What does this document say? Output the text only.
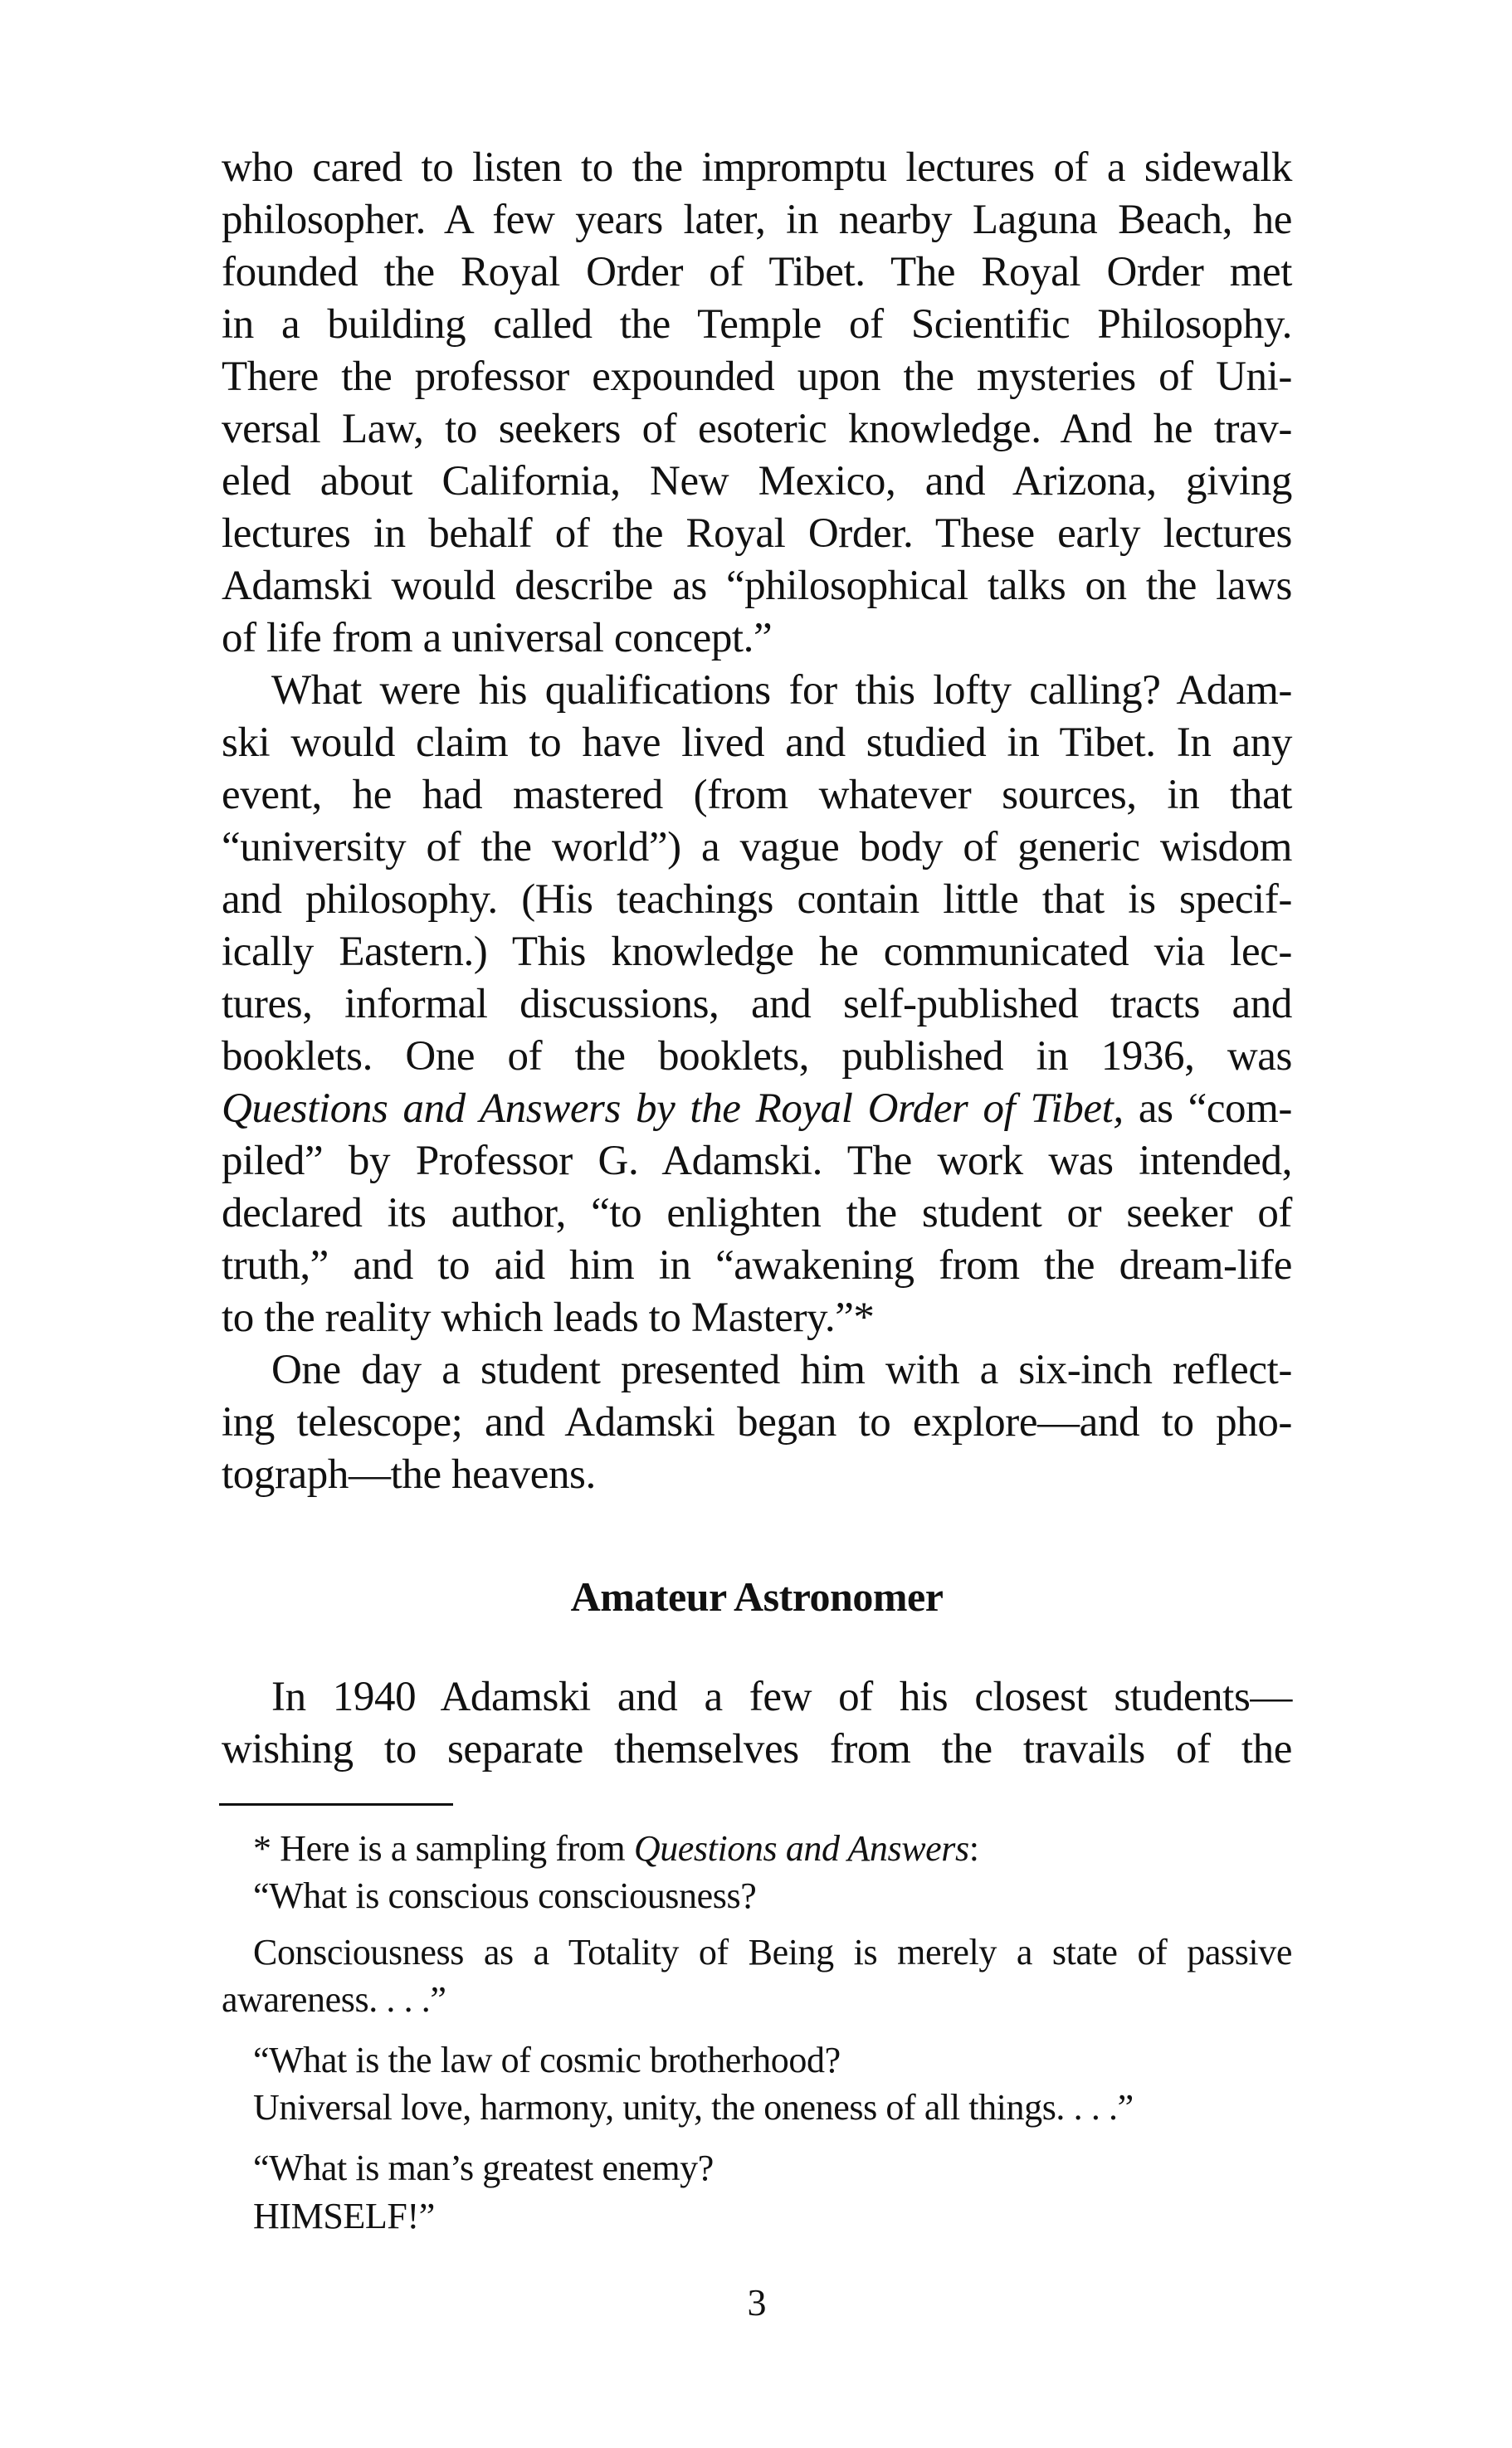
who cared to listen to the impromptu lectures of a sidewalk
philosopher. A few years later, in nearby Laguna Beach, he
founded the Royal Order of Tibet. The Royal Order met
in a building called the Temple of Scientific Philosophy.
There the professor expounded upon the mysteries of Uni-
versal Law, to seekers of esoteric knowledge. And he trav-
eled about California, New Mexico, and Arizona, giving
lectures in behalf of the Royal Order. These early lectures
Adamski would describe as “philosophical talks on the laws
of life from a universal concept.”
What were his qualifications for this lofty calling? Adam-
ski would claim to have lived and studied in Tibet. In any
event, he had mastered (from whatever sources, in that
“university of the world”) a vague body of generic wisdom
and philosophy. (His teachings contain little that is specif-
ically Eastern.) This knowledge he communicated via lec-
tures, informal discussions, and self-published tracts and
booklets. One of the booklets, published in 1936, was
Questions and Answers by the Royal Order of Tibet, as “com-
piled” by Professor G. Adamski. The work was intended,
declared its author, “to enlighten the student or seeker of
truth,” and to aid him in “awakening from the dream-life
to the reality which leads to Mastery.”*
One day a student presented him with a six-inch reflect-
ing telescope; and Adamski began to explore—and to pho-
tograph—the heavens.
Amateur Astronomer
In 1940 Adamski and a few of his closest students—
wishing to separate themselves from the travails of the
* Here is a sampling from Questions and Answers:
“What is conscious consciousness?
Consciousness as a Totality of Being is merely a state of passive
awareness. . . .”
“What is the law of cosmic brotherhood?
Universal love, harmony, unity, the oneness of all things. . . .”
“What is man’s greatest enemy?
HIMSELF!”
3
